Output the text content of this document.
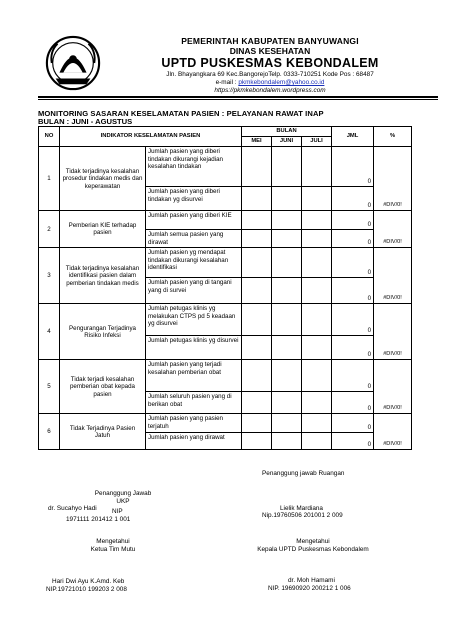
PEMERINTAH KABUPATEN BANYUWANGI
DINAS KESEHATAN
UPTD PUSKESMAS KEBONDALEM
Jln. Bhayangkara 69 Kec.BangorejoTelp. 0333-710251 Kode Pos : 68487
e-mail : pkmkebondalem@yahoo.co.id
https://pkmkebondalem.wordpress.com
MONITORING SASARAN KESELAMATAN PASIEN : PELAYANAN RAWAT INAP
BULAN : JUNI - AGUSTUS
NO	INDIKATOR KESELAMATAN PASIEN		BULAN			JML	%
			MEI	JUNI	JULI		
1	Tidak terjadinya kesalahan prosedur tindakan medis dan keperawatan	Jumlah pasien yang diberi tindakan dikurangi kejadian kesalahan tindakan				0	#DIV/0!
		Jumlah pasien yang diberi tindakan yg disurvei				0	
2	Pemberian KIE terhadap pasien	Jumlah pasien yang diberi KIE				0	#DIV/0!
		Jumlah semua pasien yang dirawat				0	
3	Tidak terjadinya kesalahan identifikasi pasien dalam pemberian tindakan medis	Jumlah pasien yg mendapat tindakan dikurangi kesalahan identifikasi				0	#DIV/0!
		Jumlah pasien yang di tangani yang di survei				0	
4	Pengurangan Terjadinya Risiko Infeksi	Jumlah petugas klinis yg melakukan CTPS pd 5 keadaan yg disurvei				0	#DIV/0!
		Jumlah petugas klinis yg disurvei				0	
5	Tidak terjadi kesalahan pemberian obat kepada pasien	Jumlah pasien yang terjadi kesalahan pemberian obat				0	#DIV/0!
		Jumlah seluruh pasien yang di berikan obat				0	
6	Tidak Terjadinya Pasien Jatuh	Jumlah pasien yang pasien terjatuh				0	#DIV/0!
		Jumlah pasien yang dirawat				0	
Penanggung Jawab
UKP
dr. Sucahyo Hadi NIP
1971111 201412 1 001
Penanggung jawab Ruangan
Lielik Mardiana
Nip.19760506 201001 2 009
Mengetahui
Ketua Tim Mutu
Hari Dwi Ayu K.Amd. Keb
NIP.19721010 199203 2 008
Mengetahui
Kepala UPTD Puskesmas Kebondalem
dr. Moh Hamami
NIP. 19690920 200212 1 006
